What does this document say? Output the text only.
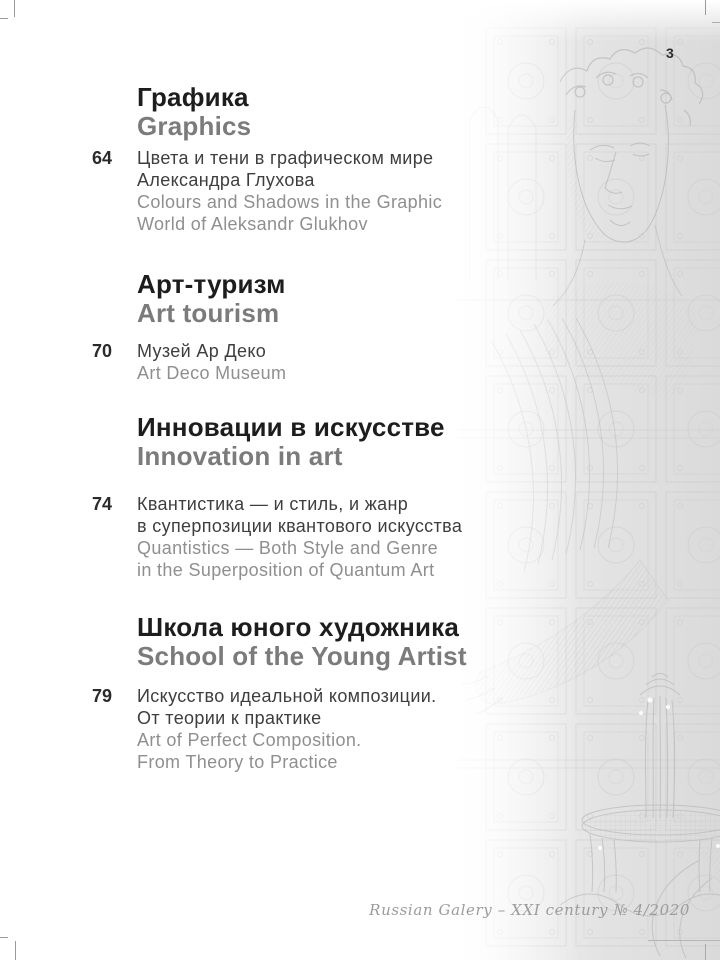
3
Графика
Graphics
64	Цвета и тени в графическом мире
Александра Глухова
Colours and Shadows in the Graphic
World of Aleksandr Glukhov
Арт-туризм
Art tourism
70	Музей Ар Деко
Art Deco Museum
Инновации в искусстве
Innovation in art
74	Квантистика — и стиль, и жанр
в суперпозиции квантового искусства
Quantistics — Both Style and Genre
in the Superposition of Quantum Art
Школа юного художника
School of the Young Artist
79	Искусство идеальной композиции.
От теории к практике
Art of Perfect Composition.
From Theory to Practice
Russian Galery – XXI century № 4/2020
